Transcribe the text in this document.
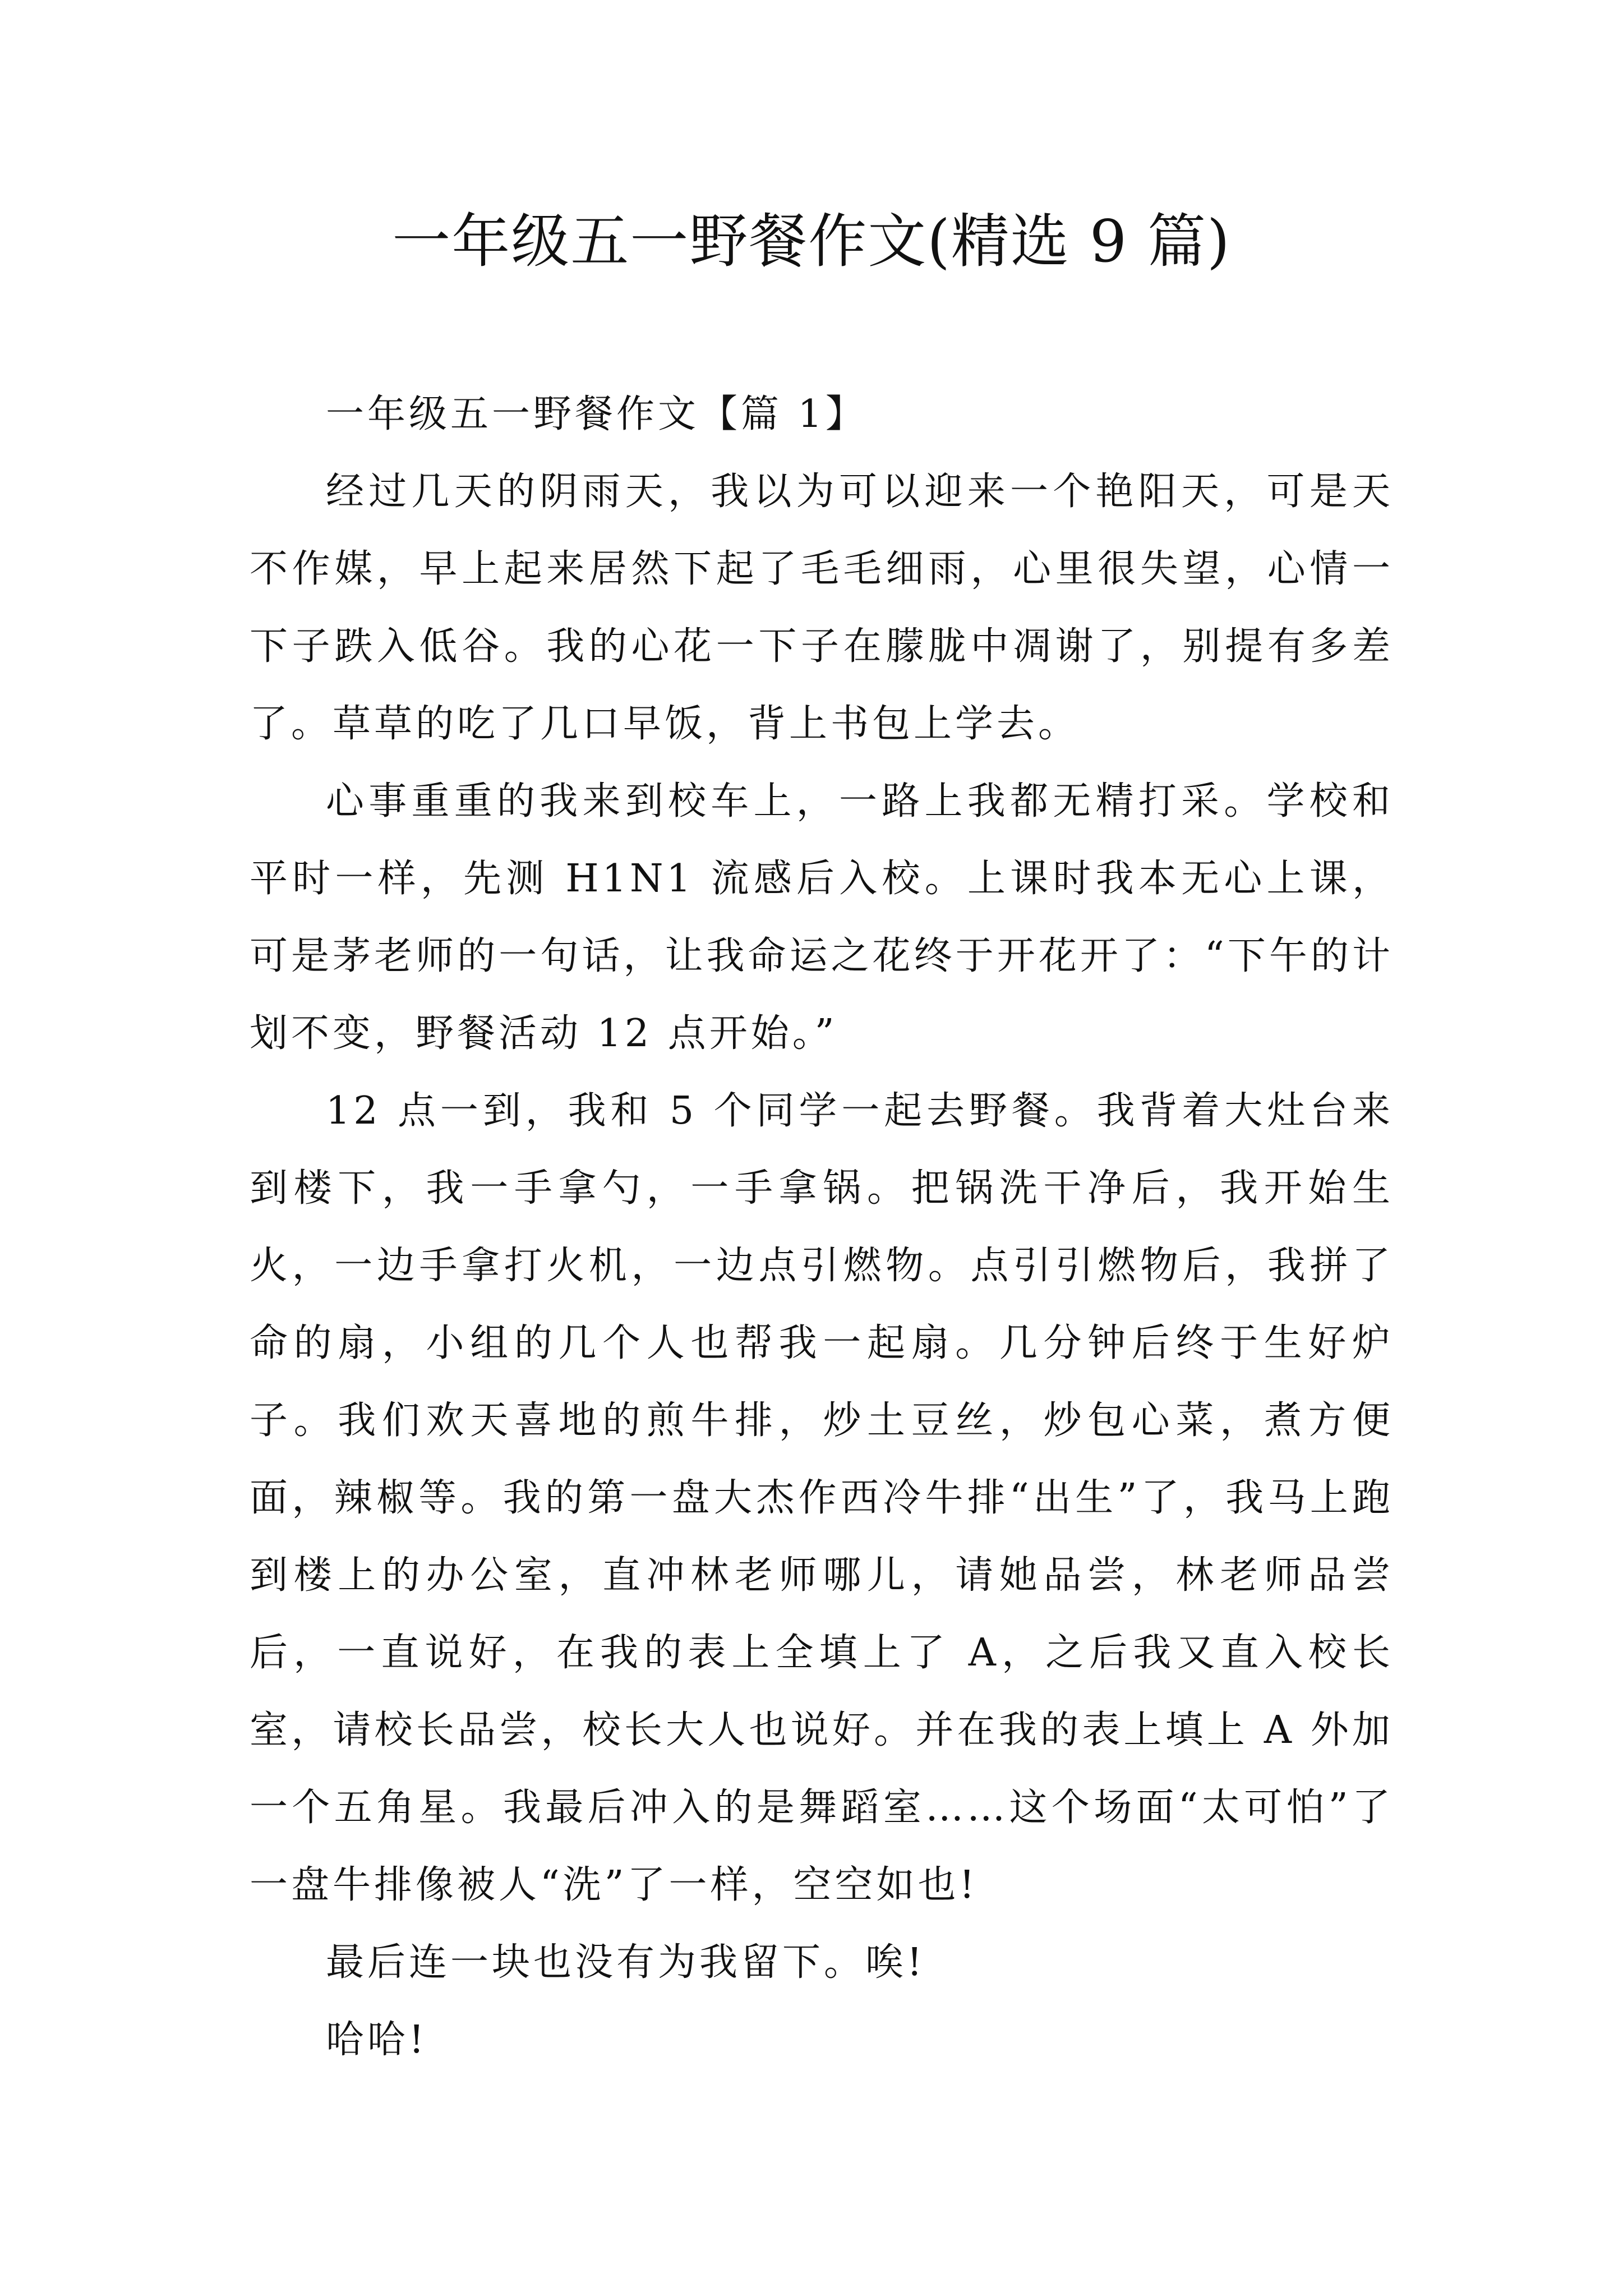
一年级五一野餐作文(精选 9 篇)

一年级五一野餐作文【篇 1】

经过几天的阴雨天，我以为可以迎来一个艳阳天，可是天不作媒，早上起来居然下起了毛毛细雨，心里很失望，心情一下子跌入低谷。我的心花一下子在朦胧中凋谢了，别提有多差了。草草的吃了几口早饭，背上书包上学去。

心事重重的我来到校车上，一路上我都无精打采。学校和平时一样，先测 H1N1 流感后入校。上课时我本无心上课，可是茅老师的一句话，让我命运之花终于开花开了：“下午的计划不变，野餐活动 12 点开始。”

12 点一到，我和 5 个同学一起去野餐。我背着大灶台来到楼下，我一手拿勺，一手拿锅。把锅洗干净后，我开始生火，一边手拿打火机，一边点引燃物。点引引燃物后，我拼了命的扇，小组的几个人也帮我一起扇。几分钟后终于生好炉子。我们欢天喜地的煎牛排，炒土豆丝，炒包心菜，煮方便面，辣椒等。我的第一盘大杰作西冷牛排“出生”了，我马上跑到楼上的办公室，直冲林老师哪儿，请她品尝，林老师品尝后，一直说好，在我的表上全填上了 A，之后我又直入校长室，请校长品尝，校长大人也说好。并在我的表上填上 A 外加一个五角星。我最后冲入的是舞蹈室……这个场面“太可怕”了一盘牛排像被人“洗”了一样，空空如也!

最后连一块也没有为我留下。唉!

哈哈!
